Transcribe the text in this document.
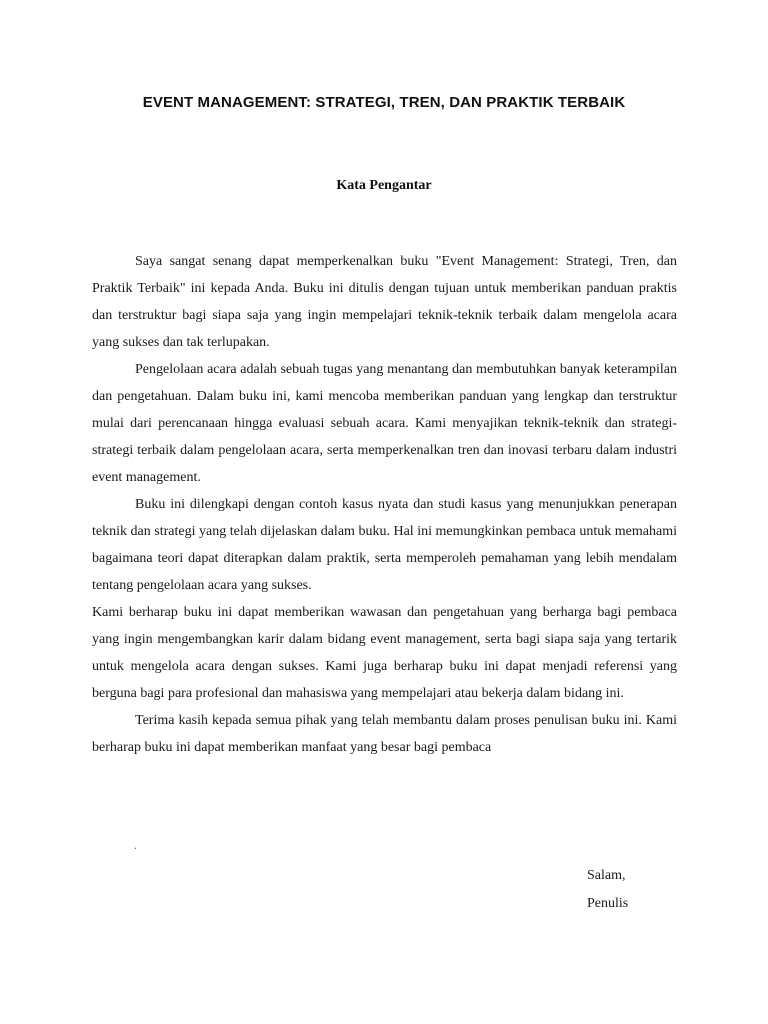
EVENT MANAGEMENT: STRATEGI, TREN, DAN PRAKTIK TERBAIK
Kata Pengantar

Saya sangat senang dapat memperkenalkan buku "Event Management: Strategi, Tren, dan Praktik Terbaik" ini kepada Anda. Buku ini ditulis dengan tujuan untuk memberikan panduan praktis dan terstruktur bagi siapa saja yang ingin mempelajari teknik-teknik terbaik dalam mengelola acara yang sukses dan tak terlupakan.

Pengelolaan acara adalah sebuah tugas yang menantang dan membutuhkan banyak keterampilan dan pengetahuan. Dalam buku ini, kami mencoba memberikan panduan yang lengkap dan terstruktur mulai dari perencanaan hingga evaluasi sebuah acara. Kami menyajikan teknik-teknik dan strategi-strategi terbaik dalam pengelolaan acara, serta memperkenalkan tren dan inovasi terbaru dalam industri event management.

Buku ini dilengkapi dengan contoh kasus nyata dan studi kasus yang menunjukkan penerapan teknik dan strategi yang telah dijelaskan dalam buku. Hal ini memungkinkan pembaca untuk memahami bagaimana teori dapat diterapkan dalam praktik, serta memperoleh pemahaman yang lebih mendalam tentang pengelolaan acara yang sukses.

Kami berharap buku ini dapat memberikan wawasan dan pengetahuan yang berharga bagi pembaca yang ingin mengembangkan karir dalam bidang event management, serta bagi siapa saja yang tertarik untuk mengelola acara dengan sukses. Kami juga berharap buku ini dapat menjadi referensi yang berguna bagi para profesional dan mahasiswa yang mempelajari atau bekerja dalam bidang ini.

Terima kasih kepada semua pihak yang telah membantu dalam proses penulisan buku ini. Kami berharap buku ini dapat memberikan manfaat yang besar bagi pembaca

.
Salam,
Penulis
